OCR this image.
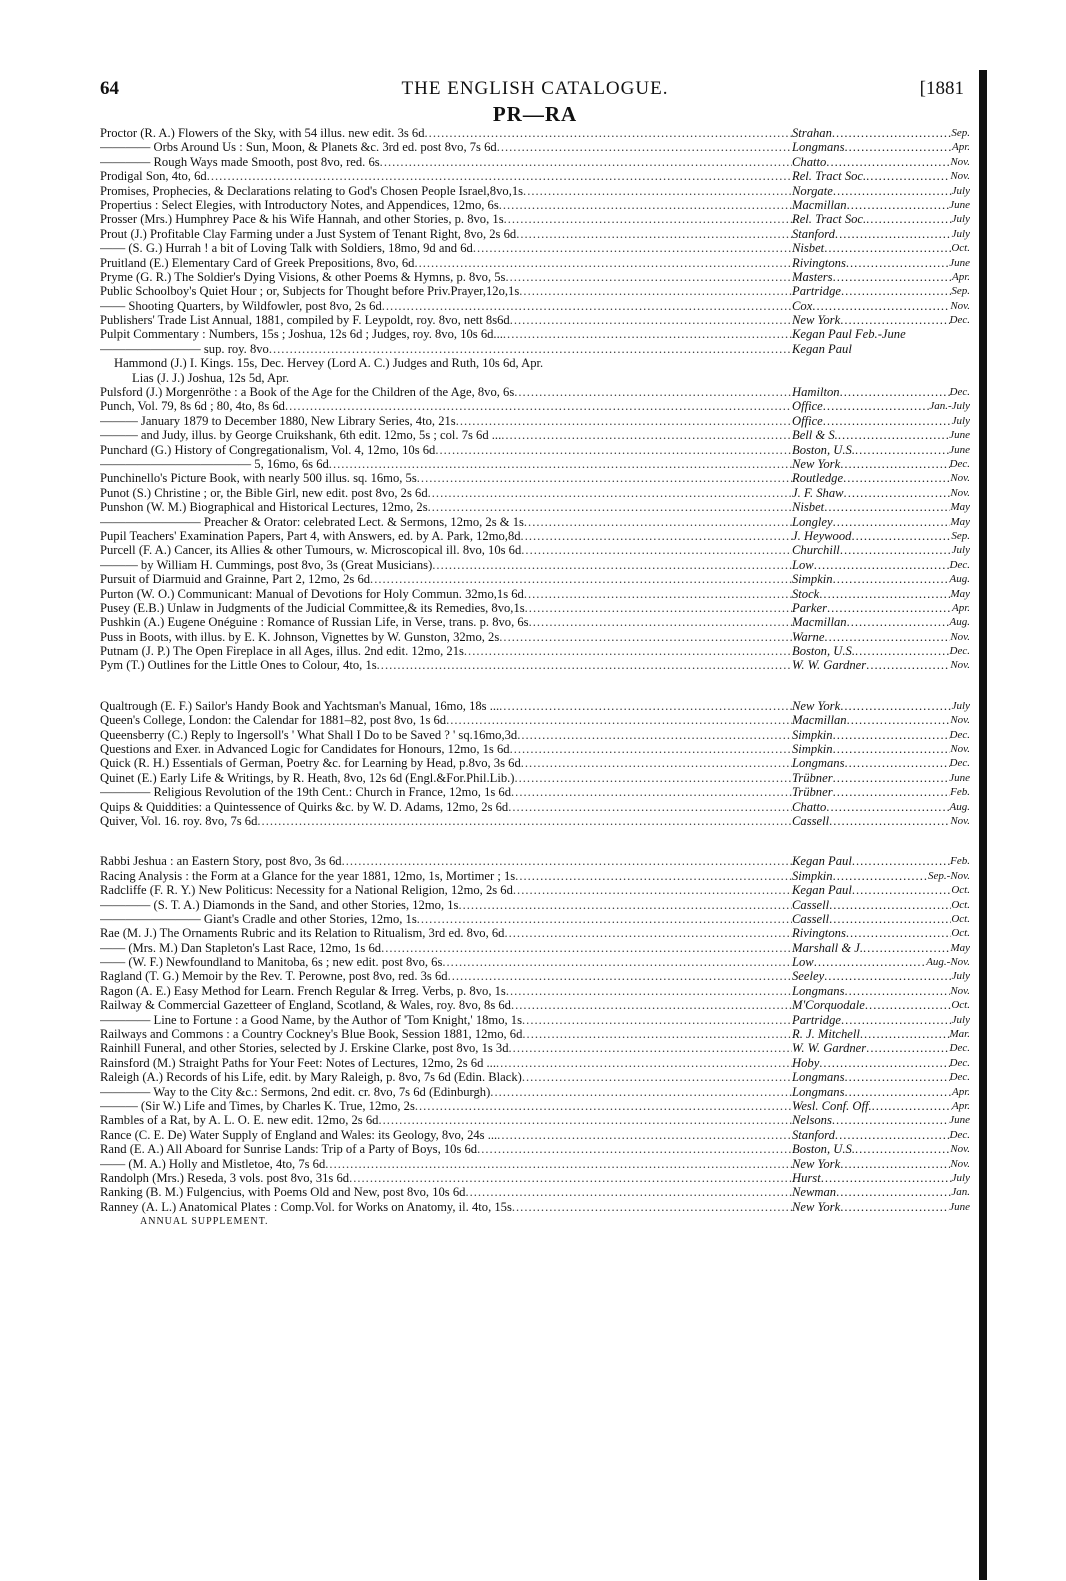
64	THE ENGLISH CATALOGUE.	[1881
PR—RA
Proctor (R. A.) Flowers of the Sky, with 54 illus. new edit. 3s 6d .....	Strahan .....	Sep.
———— Orbs Around Us : Sun, Moon, & Planets &c. 3rd ed. post 8vo, 7s 6d .....	Longmans .....	Apr.
———— Rough Ways made Smooth, post 8vo, red. 6s .....	Chatto .....	Nov.
Prodigal Son, 4to, 6d .....	Rel. Tract Soc. .....	Nov.
Promises, Prophecies, & Declarations relating to God's Chosen People Israel,8vo,1s .....	Norgate .....	July
Propertius : Select Elegies, with Introductory Notes, and Appendices, 12mo, 6s .....	Macmillan .....	June
Prosser (Mrs.) Humphrey Pace & his Wife Hannah, and other Stories, p. 8vo, 1s .....	Rel. Tract Soc. .....	July
Prout (J.) Profitable Clay Farming under a Just System of Tenant Right, 8vo, 2s 6d .....	Stanford .....	July
—— (S. G.) Hurrah ! a bit of Loving Talk with Soldiers, 18mo, 9d and 6d .....	Nisbet .....	Oct.
Pruitland (E.) Elementary Card of Greek Prepositions, 8vo, 6d .....	Rivingtons .....	June
Pryme (G. R.) The Soldier's Dying Visions, & other Poems & Hymns, p. 8vo, 5s .....	Masters .....	Apr.
Public Schoolboy's Quiet Hour ; or, Subjects for Thought before Priv.Prayer,12o,1s .....	Partridge .....	Sep.
—— Shooting Quarters, by Wildfowler, post 8vo, 2s 6d .....	Cox .....	Nov.
Publishers' Trade List Annual, 1881, compiled by F. Leypoldt, roy. 8vo, nett 8s6d .....	New York .....	Dec.
Pulpit Commentary : Numbers, 15s ; Joshua, 12s 6d ; Judges, roy. 8vo, 10s 6d... .....	Kegan Paul Feb.-June
———————— sup. roy. 8vo .....	Kegan Paul
Hammond (J.) I. Kings. 15s, Dec. Hervey (Lord A. C.) Judges and Ruth, 10s 6d, Apr.
Lias (J. J.) Joshua, 12s 5d, Apr.
Pulsford (J.) Morgenröthe : a Book of the Age for the Children of the Age, 8vo, 6s .....	Hamilton .....	Dec.
Punch, Vol. 79, 8s 6d ; 80, 4to, 8s 6d .....	Office .....	Jan.-July
——— January 1879 to December 1880, New Library Series, 4to, 21s .....	Office .....	July
——— and Judy, illus. by George Cruikshank, 6th edit. 12mo, 5s ; col. 7s 6d ... .....	Bell & S. .....	June
Punchard (G.) History of Congregationalism, Vol. 4, 12mo, 10s 6d .....	Boston, U.S. .....	June
———————————— 5, 16mo, 6s 6d .....	New York .....	Dec.
Punchinello's Picture Book, with nearly 500 illus. sq. 16mo, 5s .....	Routledge .....	Nov.
Punot (S.) Christine ; or, the Bible Girl, new edit. post 8vo, 2s 6d .....	J. F. Shaw .....	Nov.
Punshon (W. M.) Biographical and Historical Lectures, 12mo, 2s .....	Nisbet .....	May
———————— Preacher & Orator: celebrated Lect. & Sermons, 12mo, 2s & 1s .....	Longley .....	May
Pupil Teachers' Examination Papers, Part 4, with Answers, ed. by A. Park, 12mo,8d .....	J. Heywood .....	Sep.
Purcell (F. A.) Cancer, its Allies & other Tumours, w. Microscopical ill. 8vo, 10s 6d .....	Churchill .....	July
——— by William H. Cummings, post 8vo, 3s (Great Musicians) .....	Low .....	Dec.
Pursuit of Diarmuid and Grainne, Part 2, 12mo, 2s 6d .....	Simpkin .....	Aug.
Purton (W. O.) Communicant: Manual of Devotions for Holy Commun. 32mo,1s 6d .....	Stock .....	May
Pusey (E.B.) Unlaw in Judgments of the Judicial Committee,& its Remedies, 8vo,1s .....	Parker .....	Apr.
Pushkin (A.) Eugene Onéguine : Romance of Russian Life, in Verse, trans. p. 8vo, 6s .....	Macmillan .....	Aug.
Puss in Boots, with illus. by E. K. Johnson, Vignettes by W. Gunston, 32mo, 2s .....	Warne .....	Nov.
Putnam (J. P.) The Open Fireplace in all Ages, illus. 2nd edit. 12mo, 21s .....	Boston, U.S. .....	Dec.
Pym (T.) Outlines for the Little Ones to Colour, 4to, 1s .....	W. W. Gardner .....	Nov.
Qualtrough (E. F.) Sailor's Handy Book and Yachtsman's Manual, 16mo, 18s ... .....	New York .....	July
Queen's College, London: the Calendar for 1881–82, post 8vo, 1s 6d .....	Macmillan .....	Nov.
Queensberry (C.) Reply to Ingersoll's ' What Shall I Do to be Saved ? ' sq.16mo,3d .....	Simpkin .....	Dec.
Questions and Exer. in Advanced Logic for Candidates for Honours, 12mo, 1s 6d .....	Simpkin .....	Nov.
Quick (R. H.) Essentials of German, Poetry &c. for Learning by Head, p.8vo, 3s 6d .....	Longmans .....	Dec.
Quinet (E.) Early Life & Writings, by R. Heath, 8vo, 12s 6d (Engl.&For.Phil.Lib.) .....	Trübner .....	June
———— Religious Revolution of the 19th Cent.: Church in France, 12mo, 1s 6d .....	Trübner .....	Feb.
Quips & Quiddities: a Quintessence of Quirks &c. by W. D. Adams, 12mo, 2s 6d .....	Chatto .....	Aug.
Quiver, Vol. 16. roy. 8vo, 7s 6d .....	Cassell .....	Nov.
Rabbi Jeshua : an Eastern Story, post 8vo, 3s 6d .....	Kegan Paul .....	Feb.
Racing Analysis : the Form at a Glance for the year 1881, 12mo, 1s, Mortimer ; 1s .....	Simpkin .....	Sep.-Nov.
Radcliffe (F. R. Y.) New Politicus: Necessity for a National Religion, 12mo, 2s 6d .....	Kegan Paul .....	Oct.
———— (S. T. A.) Diamonds in the Sand, and other Stories, 12mo, 1s .....	Cassell .....	Oct.
———————— Giant's Cradle and other Stories, 12mo, 1s .....	Cassell .....	Oct.
Rae (M. J.) The Ornaments Rubric and its Relation to Ritualism, 3rd ed. 8vo, 6d .....	Rivingtons .....	Oct.
—— (Mrs. M.) Dan Stapleton's Last Race, 12mo, 1s 6d .....	Marshall & J. .....	May
—— (W. F.) Newfoundland to Manitoba, 6s ; new edit. post 8vo, 6s .....	Low .....	Aug.-Nov.
Ragland (T. G.) Memoir by the Rev. T. Perowne, post 8vo, red. 3s 6d .....	Seeley .....	July
Ragon (A. E.) Easy Method for Learn. French Regular & Irreg. Verbs, p. 8vo, 1s .....	Longmans .....	Nov.
Railway & Commercial Gazetteer of England, Scotland, & Wales, roy. 8vo, 8s 6d .....	M'Corquodale .....	Oct.
———— Line to Fortune : a Good Name, by the Author of 'Tom Knight,' 18mo, 1s .....	Partridge .....	July
Railways and Commons : a Country Cockney's Blue Book, Session 1881, 12mo, 6d .....	R. J. Mitchell .....	Mar.
Rainhill Funeral, and other Stories, selected by J. Erskine Clarke, post 8vo, 1s 3d .....	W. W. Gardner .....	Dec.
Rainsford (M.) Straight Paths for Your Feet: Notes of Lectures, 12mo, 2s 6d ... .....	Hoby .....	Dec.
Raleigh (A.) Records of his Life, edit. by Mary Raleigh, p. 8vo, 7s 6d (Edin. Black) .....	Longmans .....	Dec.
———— Way to the City &c.: Sermons, 2nd edit. cr. 8vo, 7s 6d (Edinburgh) .....	Longmans .....	Apr.
——— (Sir W.) Life and Times, by Charles K. True, 12mo, 2s .....	Wesl. Conf. Off. .....	Apr.
Rambles of a Rat, by A. L. O. E. new edit. 12mo, 2s 6d .....	Nelsons .....	June
Rance (C. E. De) Water Supply of England and Wales: its Geology, 8vo, 24s ... .....	Stanford .....	Dec.
Rand (E. A.) All Aboard for Sunrise Lands: Trip of a Party of Boys, 10s 6d .....	Boston, U.S. .....	Nov.
—— (M. A.) Holly and Mistletoe, 4to, 7s 6d .....	New York .....	Nov.
Randolph (Mrs.) Reseda, 3 vols. post 8vo, 31s 6d .....	Hurst .....	July
Ranking (B. M.) Fulgencius, with Poems Old and New, post 8vo, 10s 6d .....	Newman .....	Jan.
Ranney (A. L.) Anatomical Plates : Comp.Vol. for Works on Anatomy, il. 4to, 15s .....	New York .....	June
ANNUAL SUPPLEMENT.
